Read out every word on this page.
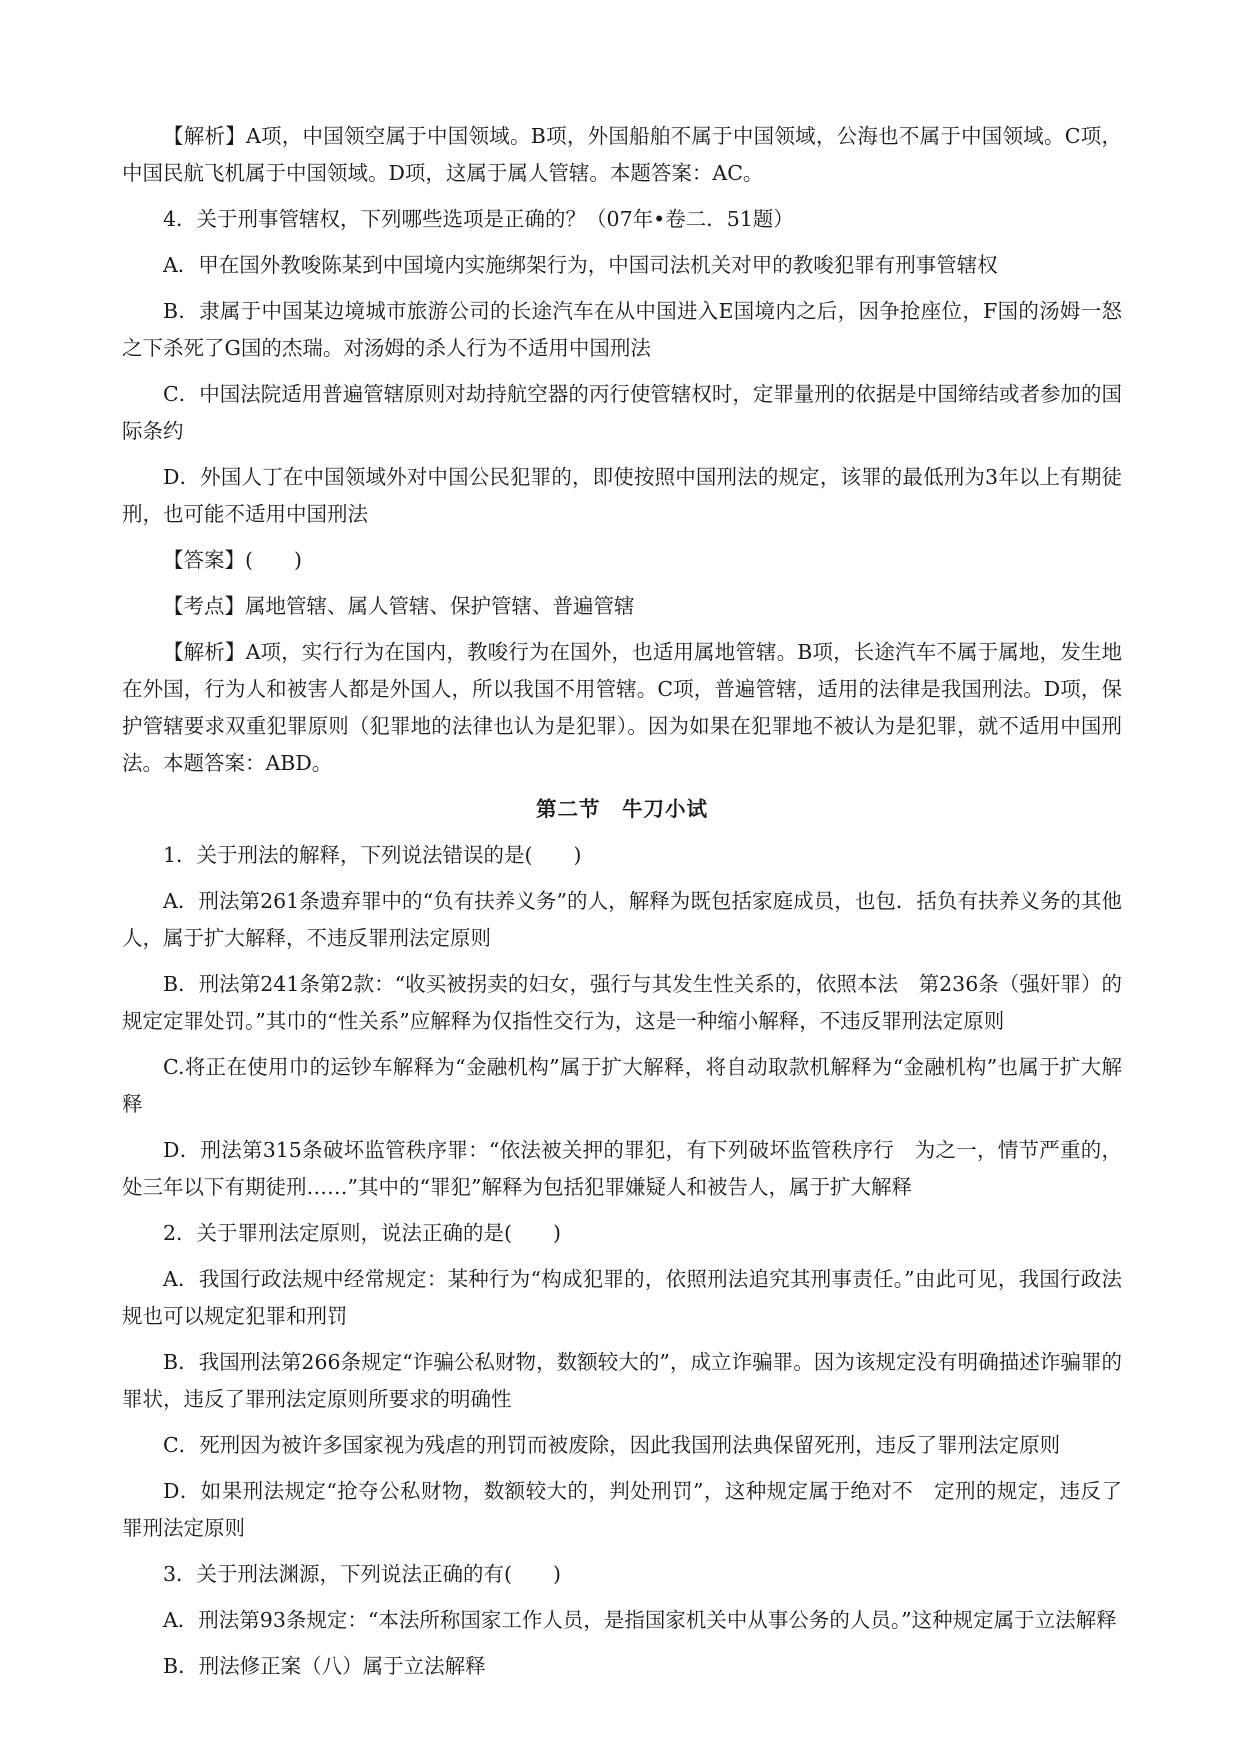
【解析】A项，中国领空属于中国领域。B项，外国船舶不属于中国领域，公海也不属于中国领域。C项，中国民航飞机属于中国领域。D项，这属于属人管辖。本题答案：AC。

4．关于刑事管辖权，下列哪些选项是正确的？（07年•卷二．51题）

A．甲在国外教唆陈某到中国境内实施绑架行为，中国司法机关对甲的教唆犯罪有刑事管辖权

B．隶属于中国某边境城市旅游公司的长途汽车在从中国进入E国境内之后，因争抢座位，F国的汤姆一怒之下杀死了G国的杰瑞。对汤姆的杀人行为不适用中国刑法

C．中国法院适用普遍管辖原则对劫持航空器的丙行使管辖权时，定罪量刑的依据是中国缔结或者参加的国际条约

D．外国人丁在中国领域外对中国公民犯罪的，即使按照中国刑法的规定，该罪的最低刑为3年以上有期徒刑，也可能不适用中国刑法

【答案】(　　)

【考点】属地管辖、属人管辖、保护管辖、普遍管辖

【解析】A项，实行行为在国内，教唆行为在国外，也适用属地管辖。B项，长途汽车不属于属地，发生地在外国，行为人和被害人都是外国人，所以我国不用管辖。C项，普遍管辖，适用的法律是我国刑法。D项，保护管辖要求双重犯罪原则（犯罪地的法律也认为是犯罪）。因为如果在犯罪地不被认为是犯罪，就不适用中国刑法。本题答案：ABD。

第二节　牛刀小试

1．关于刑法的解释，下列说法错误的是(　　)

A．刑法第261条遗弃罪中的“负有扶养义务”的人，解释为既包括家庭成员，也包．括负有扶养义务的其他人，属于扩大解释，不违反罪刑法定原则

B．刑法第241条第2款：“收买被拐卖的妇女，强行与其发生性关系的，依照本法　第236条（强奸罪）的规定定罪处罚。”其巾的“性关系”应解释为仅指性交行为，这是一种缩小解释，不违反罪刑法定原则

C.将正在使用巾的运钞车解释为“金融机构”属于扩大解释，将自动取款机解释为“金融机构”也属于扩大解释

D．刑法第315条破坏监管秩序罪：“依法被关押的罪犯，有下列破坏监管秩序行　为之一，情节严重的，处三年以下有期徒刑……”其中的“罪犯”解释为包括犯罪嫌疑人和被告人，属于扩大解释

2．关于罪刑法定原则，说法正确的是(　　)

A．我国行政法规中经常规定：某种行为“构成犯罪的，依照刑法追究其刑事责任。”由此可见，我国行政法规也可以规定犯罪和刑罚

B．我国刑法第266条规定“诈骗公私财物，数额较大的”，成立诈骗罪。因为该规定没有明确描述诈骗罪的罪状，违反了罪刑法定原则所要求的明确性

C．死刑因为被许多国家视为残虐的刑罚而被废除，因此我国刑法典保留死刑，违反了罪刑法定原则

D．如果刑法规定“抢夺公私财物，数额较大的，判处刑罚”，这种规定属于绝对不　定刑的规定，违反了罪刑法定原则

3．关于刑法渊源，下列说法正确的有(　　)

A．刑法第93条规定：“本法所称国家工作人员，是指国家机关中从事公务的人员。”这种规定属于立法解释

B．刑法修正案（八）属于立法解释
